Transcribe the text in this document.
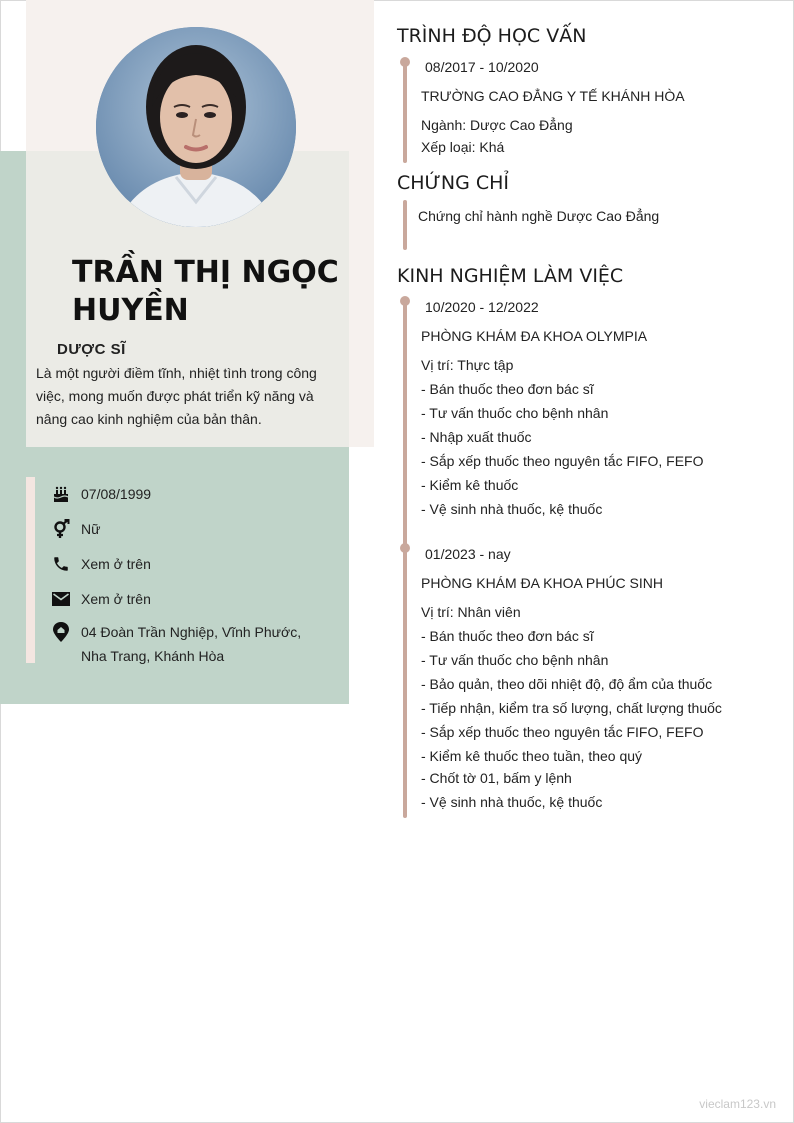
TRẦN THỊ NGỌC
HUYỀN
DƯỢC SĨ
Là một người điềm tĩnh, nhiệt tình trong công việc, mong muốn được phát triển kỹ năng và nâng cao kinh nghiệm của bản thân.
07/08/1999
Nữ
Xem ở trên
Xem ở trên
04 Đoàn Trần Nghiệp, Vĩnh Phước, Nha Trang, Khánh Hòa
TRÌNH ĐỘ HỌC VẤN
08/2017 - 10/2020
TRƯỜNG CAO ĐẲNG Y TẾ KHÁNH HÒA
Ngành: Dược Cao Đẳng
Xếp loại: Khá
CHỨNG CHỈ
Chứng chỉ hành nghề Dược Cao Đẳng
KINH NGHIỆM LÀM VIỆC
10/2020 - 12/2022
PHÒNG KHÁM ĐA KHOA OLYMPIA
Vị trí: Thực tập
- Bán thuốc theo đơn bác sĩ
- Tư vấn thuốc cho bệnh nhân
- Nhập xuất thuốc
- Sắp xếp thuốc theo nguyên tắc FIFO, FEFO
- Kiểm kê thuốc
- Vệ sinh nhà thuốc, kệ thuốc
01/2023 - nay
PHÒNG KHÁM ĐA KHOA PHÚC SINH
Vị trí: Nhân viên
- Bán thuốc theo đơn bác sĩ
- Tư vấn thuốc cho bệnh nhân
- Bảo quản, theo dõi nhiệt độ, độ ẩm của thuốc
- Tiếp nhận, kiểm tra số lượng, chất lượng thuốc
- Sắp xếp thuốc theo nguyên tắc FIFO, FEFO
- Kiểm kê thuốc theo tuần, theo quý
- Chốt tờ 01, bấm y lệnh
- Vệ sinh nhà thuốc, kệ thuốc
vieclam123.vn
